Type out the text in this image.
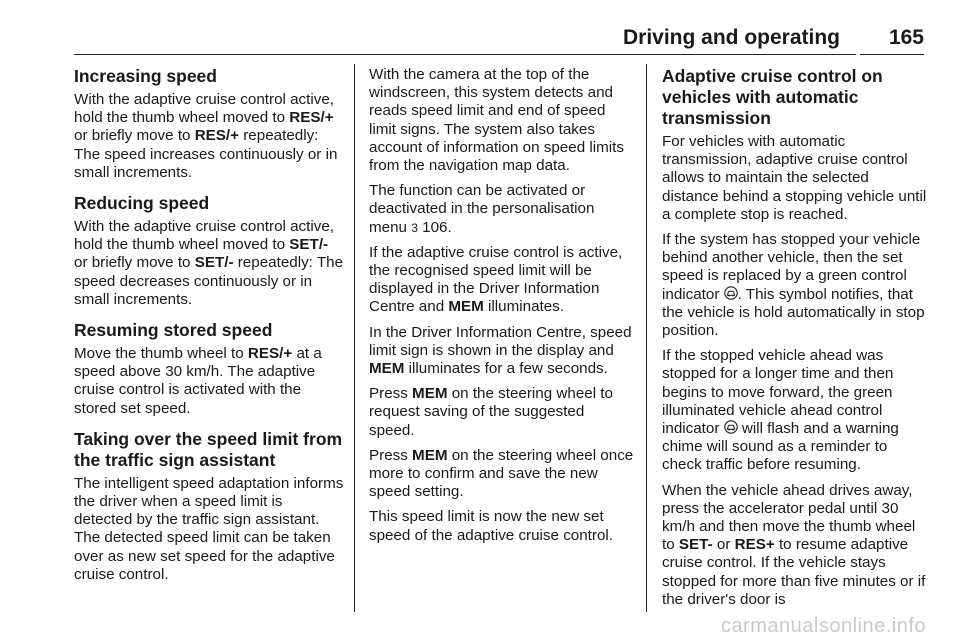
Driving and operating 165
Increasing speed

With the adaptive cruise control active, hold the thumb wheel moved to RES/+ or briefly move to RES/+ repeatedly: The speed increases continuously or in small increments.

Reducing speed

With the adaptive cruise control active, hold the thumb wheel moved to SET/- or briefly move to SET/- repeatedly: The speed decreases continuously or in small increments.

Resuming stored speed

Move the thumb wheel to RES/+ at a speed above 30 km/h. The adaptive cruise control is activated with the stored set speed.

Taking over the speed limit from the traffic sign assistant

The intelligent speed adaptation informs the driver when a speed limit is detected by the traffic sign assistant. The detected speed limit can be taken over as new set speed for the adaptive cruise control.

With the camera at the top of the windscreen, this system detects and reads speed limit and end of speed limit signs. The system also takes account of information on speed limits from the navigation map data.

The function can be activated or deactivated in the personalisation menu 3 106.

If the adaptive cruise control is active, the recognised speed limit will be displayed in the Driver Information Centre and MEM illuminates.

In the Driver Information Centre, speed limit sign is shown in the display and MEM illuminates for a few seconds.

Press MEM on the steering wheel to request saving of the suggested speed.

Press MEM on the steering wheel once more to confirm and save the new speed setting.

This speed limit is now the new set speed of the adaptive cruise control.

Adaptive cruise control on vehicles with automatic transmission

For vehicles with automatic transmission, adaptive cruise control allows to maintain the selected distance behind a stopping vehicle until a complete stop is reached.

If the system has stopped your vehicle behind another vehicle, then the set speed is replaced by a green control indicator . This symbol notifies, that the vehicle is hold automatically in stop position.

If the stopped vehicle ahead was stopped for a longer time and then begins to move forward, the green illuminated vehicle ahead control indicator  will flash and a warning chime will sound as a reminder to check traffic before resuming.

When the vehicle ahead drives away, press the accelerator pedal until 30 km/h and then move the thumb wheel to SET- or RES+ to resume adaptive cruise control. If the vehicle stays stopped for more than five minutes or if the driver's door is

carmanualsonline.info
